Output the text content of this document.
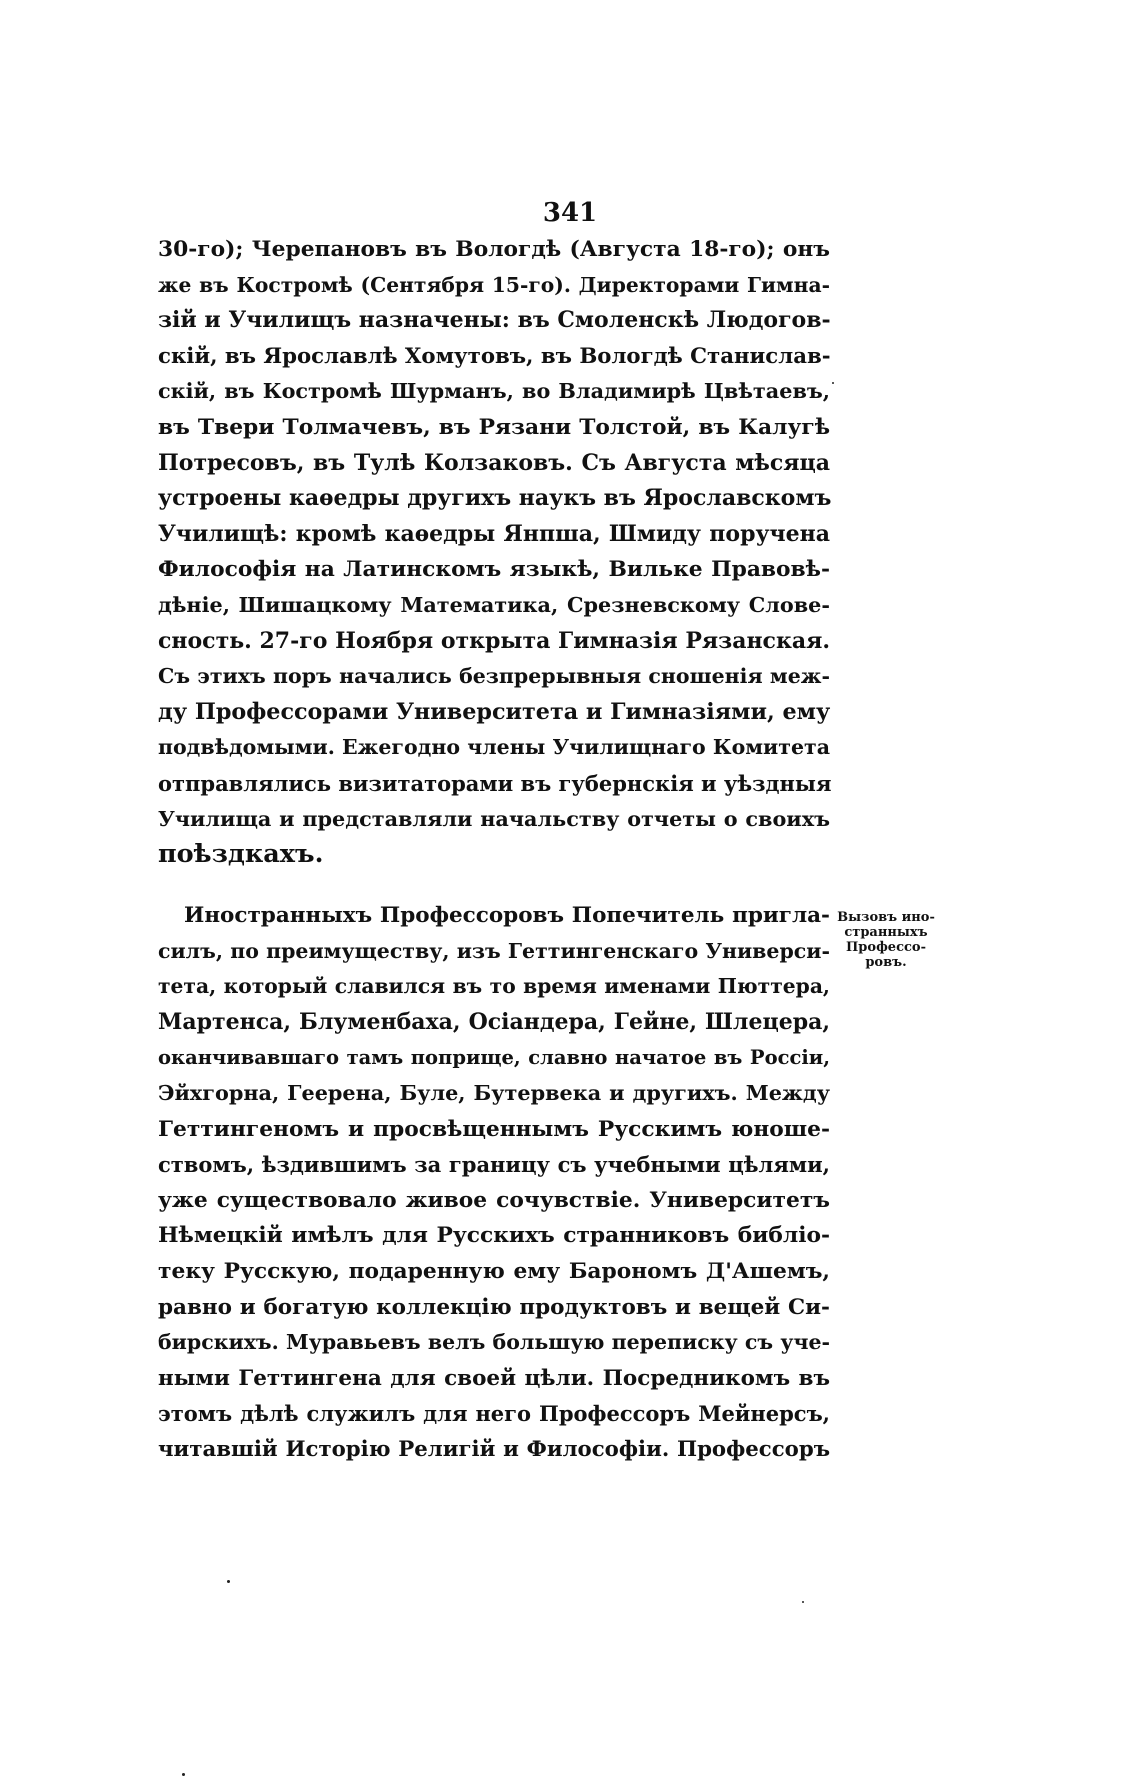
341
30-го); Черепановъ въ Вологдѣ (Августа 18-го); онъ
же въ Костромѣ (Сентября 15-го). Директорами Гимна-
зій и Училищъ назначены: въ Смоленскѣ Людогов-
скій, въ Ярославлѣ Хомутовъ, въ Вологдѣ Станислав-
скій, въ Костромѣ Шурманъ, во Владимирѣ Цвѣтаевъ,
въ Твери Толмачевъ, въ Рязани Толстой, въ Калугѣ
Потресовъ, въ Тулѣ Колзаковъ. Съ Августа мѣсяца
устроены каѳедры другихъ наукъ въ Ярославскомъ
Училищѣ: кромѣ каѳедры Янпша, Шмиду поручена
Философія на Латинскомъ языкѣ, Вильке Правовѣ-
дѣніе, Шишацкому Математика, Срезневскому Слове-
сность. 27-го Ноября открыта Гимназія Рязанская.
Съ этихъ поръ начались безпрерывныя сношенія меж-
ду Профессорами Университета и Гимназіями, ему
подвѣдомыми. Ежегодно члены Училищнаго Комитета
отправлялись визитаторами въ губернскія и уѣздныя
Училища и представляли начальству отчеты о своихъ
поѣздкахъ.
Иностранныхъ Профессоровъ Попечитель пригла-
силъ, по преимуществу, изъ Геттингенскаго Универси-
тета, который славился въ то время именами Пюттера,
Мартенса, Блуменбаха, Осіандера, Гейне, Шлецера,
оканчивавшаго тамъ поприще, славно начатое въ Россіи,
Эйхгорна, Геерена, Буле, Бутервека и другихъ. Между
Геттингеномъ и просвѣщеннымъ Русскимъ юноше-
ствомъ, ѣздившимъ за границу съ учебными цѣлями,
уже существовало живое сочувствіе. Университетъ
Нѣмецкій имѣлъ для Русскихъ странниковъ библіо-
теку Русскую, подаренную ему Барономъ Д'Ашемъ,
равно и богатую коллекцію продуктовъ и вещей Си-
бирскихъ. Муравьевъ велъ большую переписку съ уче-
ными Геттингена для своей цѣли. Посредникомъ въ
этомъ дѣлѣ служилъ для него Профессоръ Мейнерсъ,
читавшій Исторію Религій и Философіи. Профессоръ
Вызовъ ино-
странныхъ
Профессо-
ровъ.
